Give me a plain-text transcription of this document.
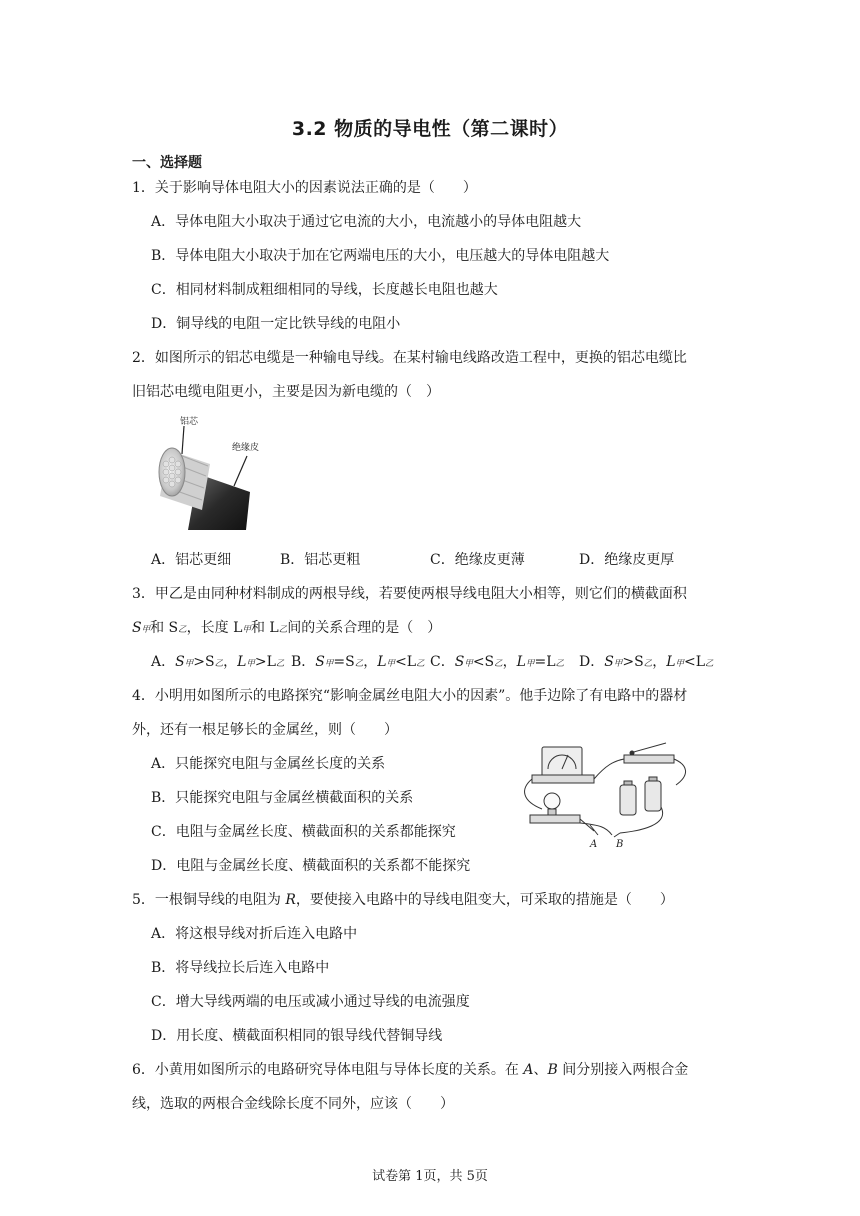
3.2 物质的导电性（第二课时）
一、选择题
1．关于影响导体电阻大小的因素说法正确的是（　　）
A．导体电阻大小取决于通过它电流的大小，电流越小的导体电阻越大
B．导体电阻大小取决于加在它两端电压的大小，电压越大的导体电阻越大
C．相同材料制成粗细相同的导线，长度越长电阻也越大
D．铜导线的电阻一定比铁导线的电阻小
2．如图所示的铝芯电缆是一种输电导线。在某村输电线路改造工程中，更换的铝芯电缆比
旧铝芯电缆电阻更小，主要是因为新电缆的（　）
铝芯
绝缘皮
A．铝芯更细	B．铝芯更粗	C．绝缘皮更薄	D．绝缘皮更厚
3．甲乙是由同种材料制成的两根导线，若要使两根导线电阻大小相等，则它们的横截面积
S甲和 S乙，长度 L甲和 L乙间的关系合理的是（　）
A．S甲>S乙，L甲>L乙 B．S甲=S乙，L甲<L乙 C．S甲<S乙，L甲=L乙 D．S甲>S乙，L甲<L乙
4．小明用如图所示的电路探究“影响金属丝电阻大小的因素”。他手边除了有电路中的器材
外，还有一根足够长的金属丝，则（　　）
A．只能探究电阻与金属丝长度的关系
B．只能探究电阻与金属丝横截面积的关系
C．电阻与金属丝长度、横截面积的关系都能探究
D．电阻与金属丝长度、横截面积的关系都不能探究
A B
5．一根铜导线的电阻为 R，要使接入电路中的导线电阻变大，可采取的措施是（　　）
A．将这根导线对折后连入电路中
B．将导线拉长后连入电路中
C．增大导线两端的电压或减小通过导线的电流强度
D．用长度、横截面积相同的银导线代替铜导线
6．小黄用如图所示的电路研究导体电阻与导体长度的关系。在 A、B 间分别接入两根合金
线，选取的两根合金线除长度不同外，应该（　　）
试卷第 1页，共 5页
